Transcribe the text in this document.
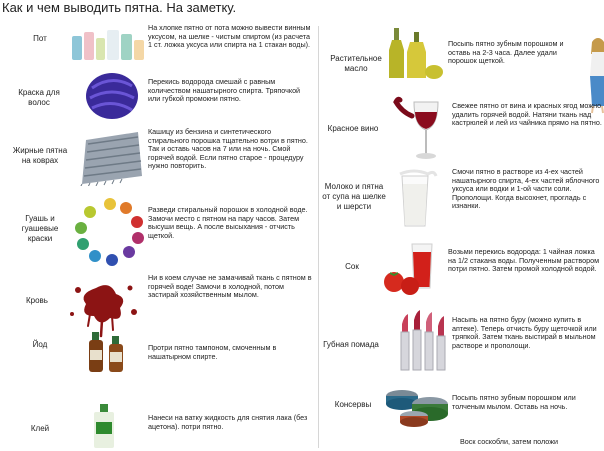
Как и чем выводить пятна. На заметку.
Пот
На хлопке пятно от пота можно вывести винным уксусом, на шелке - чистым спиртом (из расчета 1 ст. ложка уксуса или спирта на 1 стакан воды).
Краска для волос
Перекись водорода смешай с равным количеством нашатырного спирта. Тряпочкой или губкой промокни пятно.
Жирные пятна на коврах
Кашицу из бензина и синтетического стирального порошка тщательно вотри в пятно. Так и оставь часов на 7 или на ночь. Смой горячей водой. Если пятно старое - процедуру нужно повторить.
Гуашь и гуашевые краски
Разведи стиральный порошок в холодной воде. Замочи место с пятном на пару часов. Затем высуши вещь. А после высыхания - отчисть щеткой.
Кровь
Ни в коем случае не замачивай ткань с пятном в горячей воде! Замочи в холодной, потом застирай хозяйственным мылом.
Йод	Протри пятно тампоном, смоченным в нашатырном спирте.
Клей
Нанеси на ватку жидкость для снятия лака (без ацетона). потри пятно.
Растительное масло
Посыпь пятно зубным порошком и оставь на 2-3 часа. Далее удали порошок щеткой.
Красное вино
Свежее пятно от вина и красных ягод можно удалить горячей водой. Натяни ткань над кастрюлей и лей из чайника прямо на пятно.
Молоко и пятна от супа на шелке и шерсти
Смочи пятно в растворе из 4-ех частей нашатырного спирта, 4-ех частей яблочного уксуса или водки и 1-ой части соли. Прополощи. Когда высохнет, прогладь с изнанки.
Сок
Возьми перекись водорода: 1 чайная ложка на 1/2 стакана воды. Полученным раствором потри пятно. Затем промой холодной водой.
Губная помада
Насыпь на пятно буру (можно купить в аптеке). Теперь отчисть буру щеточкой или тряпкой. Затем ткань выстирай в мыльном растворе и прополощи.
Консервы
Посыпь пятно зубным порошком или толченым мылом. Оставь на ночь.
Воск соскобли, затем положи
